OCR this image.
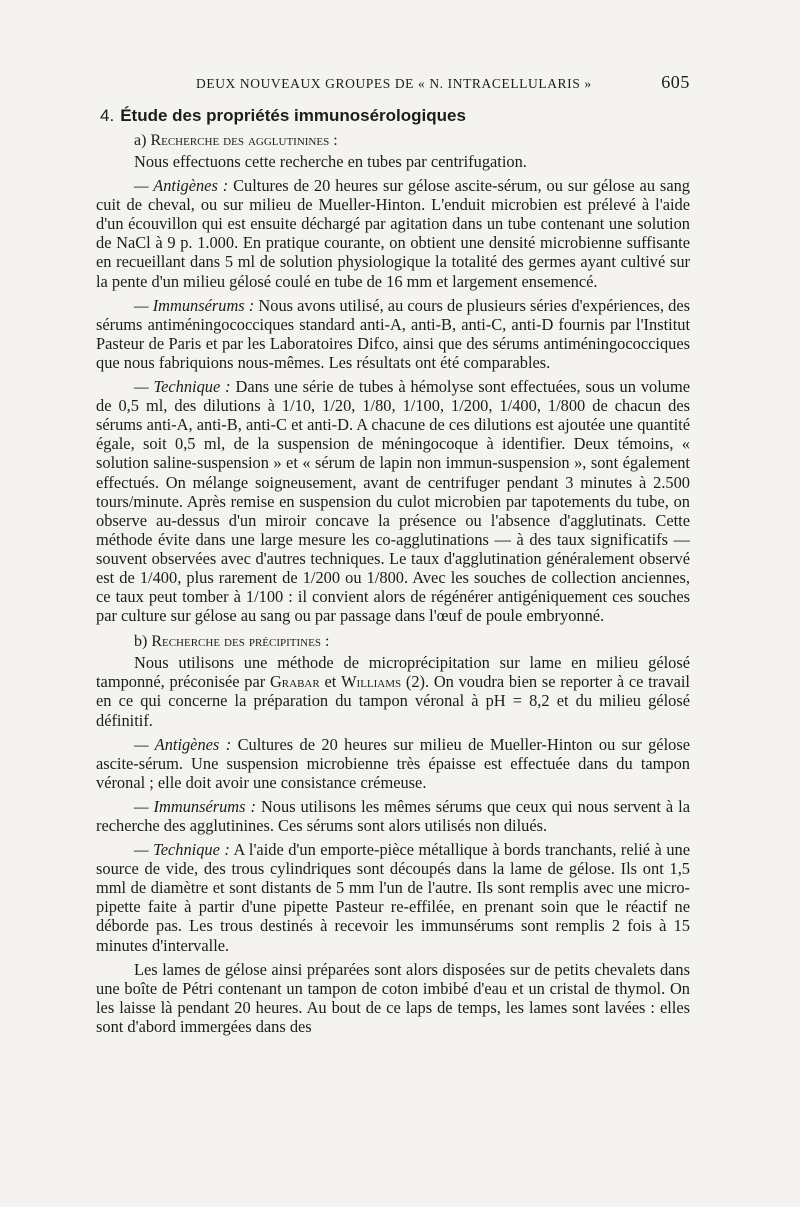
DEUX NOUVEAUX GROUPES DE « N. INTRACELLULARIS »	605
4. Étude des propriétés immunosérologiques
a) Recherche des agglutinines :

Nous effectuons cette recherche en tubes par centrifugation.

— Antigènes : Cultures de 20 heures sur gélose ascite-sérum, ou sur gélose au sang cuit de cheval, ou sur milieu de Mueller-Hinton. L'enduit microbien est prélevé à l'aide d'un écouvillon qui est ensuite déchargé par agitation dans un tube contenant une solution de NaCl à 9 p. 1.000. En pratique courante, on obtient une densité microbienne suffisante en recueillant dans 5 ml de solution physiologique la totalité des germes ayant cultivé sur la pente d'un milieu gélosé coulé en tube de 16 mm et largement ensemencé.

— Immunsérums : Nous avons utilisé, au cours de plusieurs séries d'expériences, des sérums antiméningococciques standard anti-A, anti-B, anti-C, anti-D fournis par l'Institut Pasteur de Paris et par les Laboratoires Difco, ainsi que des sérums antiméningococciques que nous fabriquions nous-mêmes. Les résultats ont été comparables.

— Technique : Dans une série de tubes à hémolyse sont effectuées, sous un volume de 0,5 ml, des dilutions à 1/10, 1/20, 1/80, 1/100, 1/200, 1/400, 1/800 de chacun des sérums anti-A, anti-B, anti-C et anti-D. A chacune de ces dilutions est ajoutée une quantité égale, soit 0,5 ml, de la suspension de méningocoque à identifier. Deux témoins, « solution saline-suspension » et « sérum de lapin non immun-suspension », sont également effectués. On mélange soigneusement, avant de centrifuger pendant 3 minutes à 2.500 tours/minute. Après remise en suspension du culot microbien par tapotements du tube, on observe au-dessus d'un miroir concave la présence ou l'absence d'agglutinats. Cette méthode évite dans une large mesure les co-agglutinations — à des taux significatifs — souvent observées avec d'autres techniques. Le taux d'agglutination généralement observé est de 1/400, plus rarement de 1/200 ou 1/800. Avec les souches de collection anciennes, ce taux peut tomber à 1/100 : il convient alors de régénérer antigéniquement ces souches par culture sur gélose au sang ou par passage dans l'œuf de poule embryonné.

b) Recherche des précipitines :

Nous utilisons une méthode de microprécipitation sur lame en milieu gélosé tamponné, préconisée par Grabar et Williams (2). On voudra bien se reporter à ce travail en ce qui concerne la préparation du tampon véronal à pH = 8,2 et du milieu gélosé définitif.

— Antigènes : Cultures de 20 heures sur milieu de Mueller-Hinton ou sur gélose ascite-sérum. Une suspension microbienne très épaisse est effectuée dans du tampon véronal ; elle doit avoir une consistance crémeuse.

— Immunsérums : Nous utilisons les mêmes sérums que ceux qui nous servent à la recherche des agglutinines. Ces sérums sont alors utilisés non dilués.

— Technique : A l'aide d'un emporte-pièce métallique à bords tranchants, relié à une source de vide, des trous cylindriques sont découpés dans la lame de gélose. Ils ont 1,5 mml de diamètre et sont distants de 5 mm l'un de l'autre. Ils sont remplis avec une micro-pipette faite à partir d'une pipette Pasteur re-effilée, en prenant soin que le réactif ne déborde pas. Les trous destinés à recevoir les immunsérums sont remplis 2 fois à 15 minutes d'intervalle.

Les lames de gélose ainsi préparées sont alors disposées sur de petits chevalets dans une boîte de Pétri contenant un tampon de coton imbibé d'eau et un cristal de thymol. On les laisse là pendant 20 heures. Au bout de ce laps de temps, les lames sont lavées : elles sont d'abord immergées dans des
